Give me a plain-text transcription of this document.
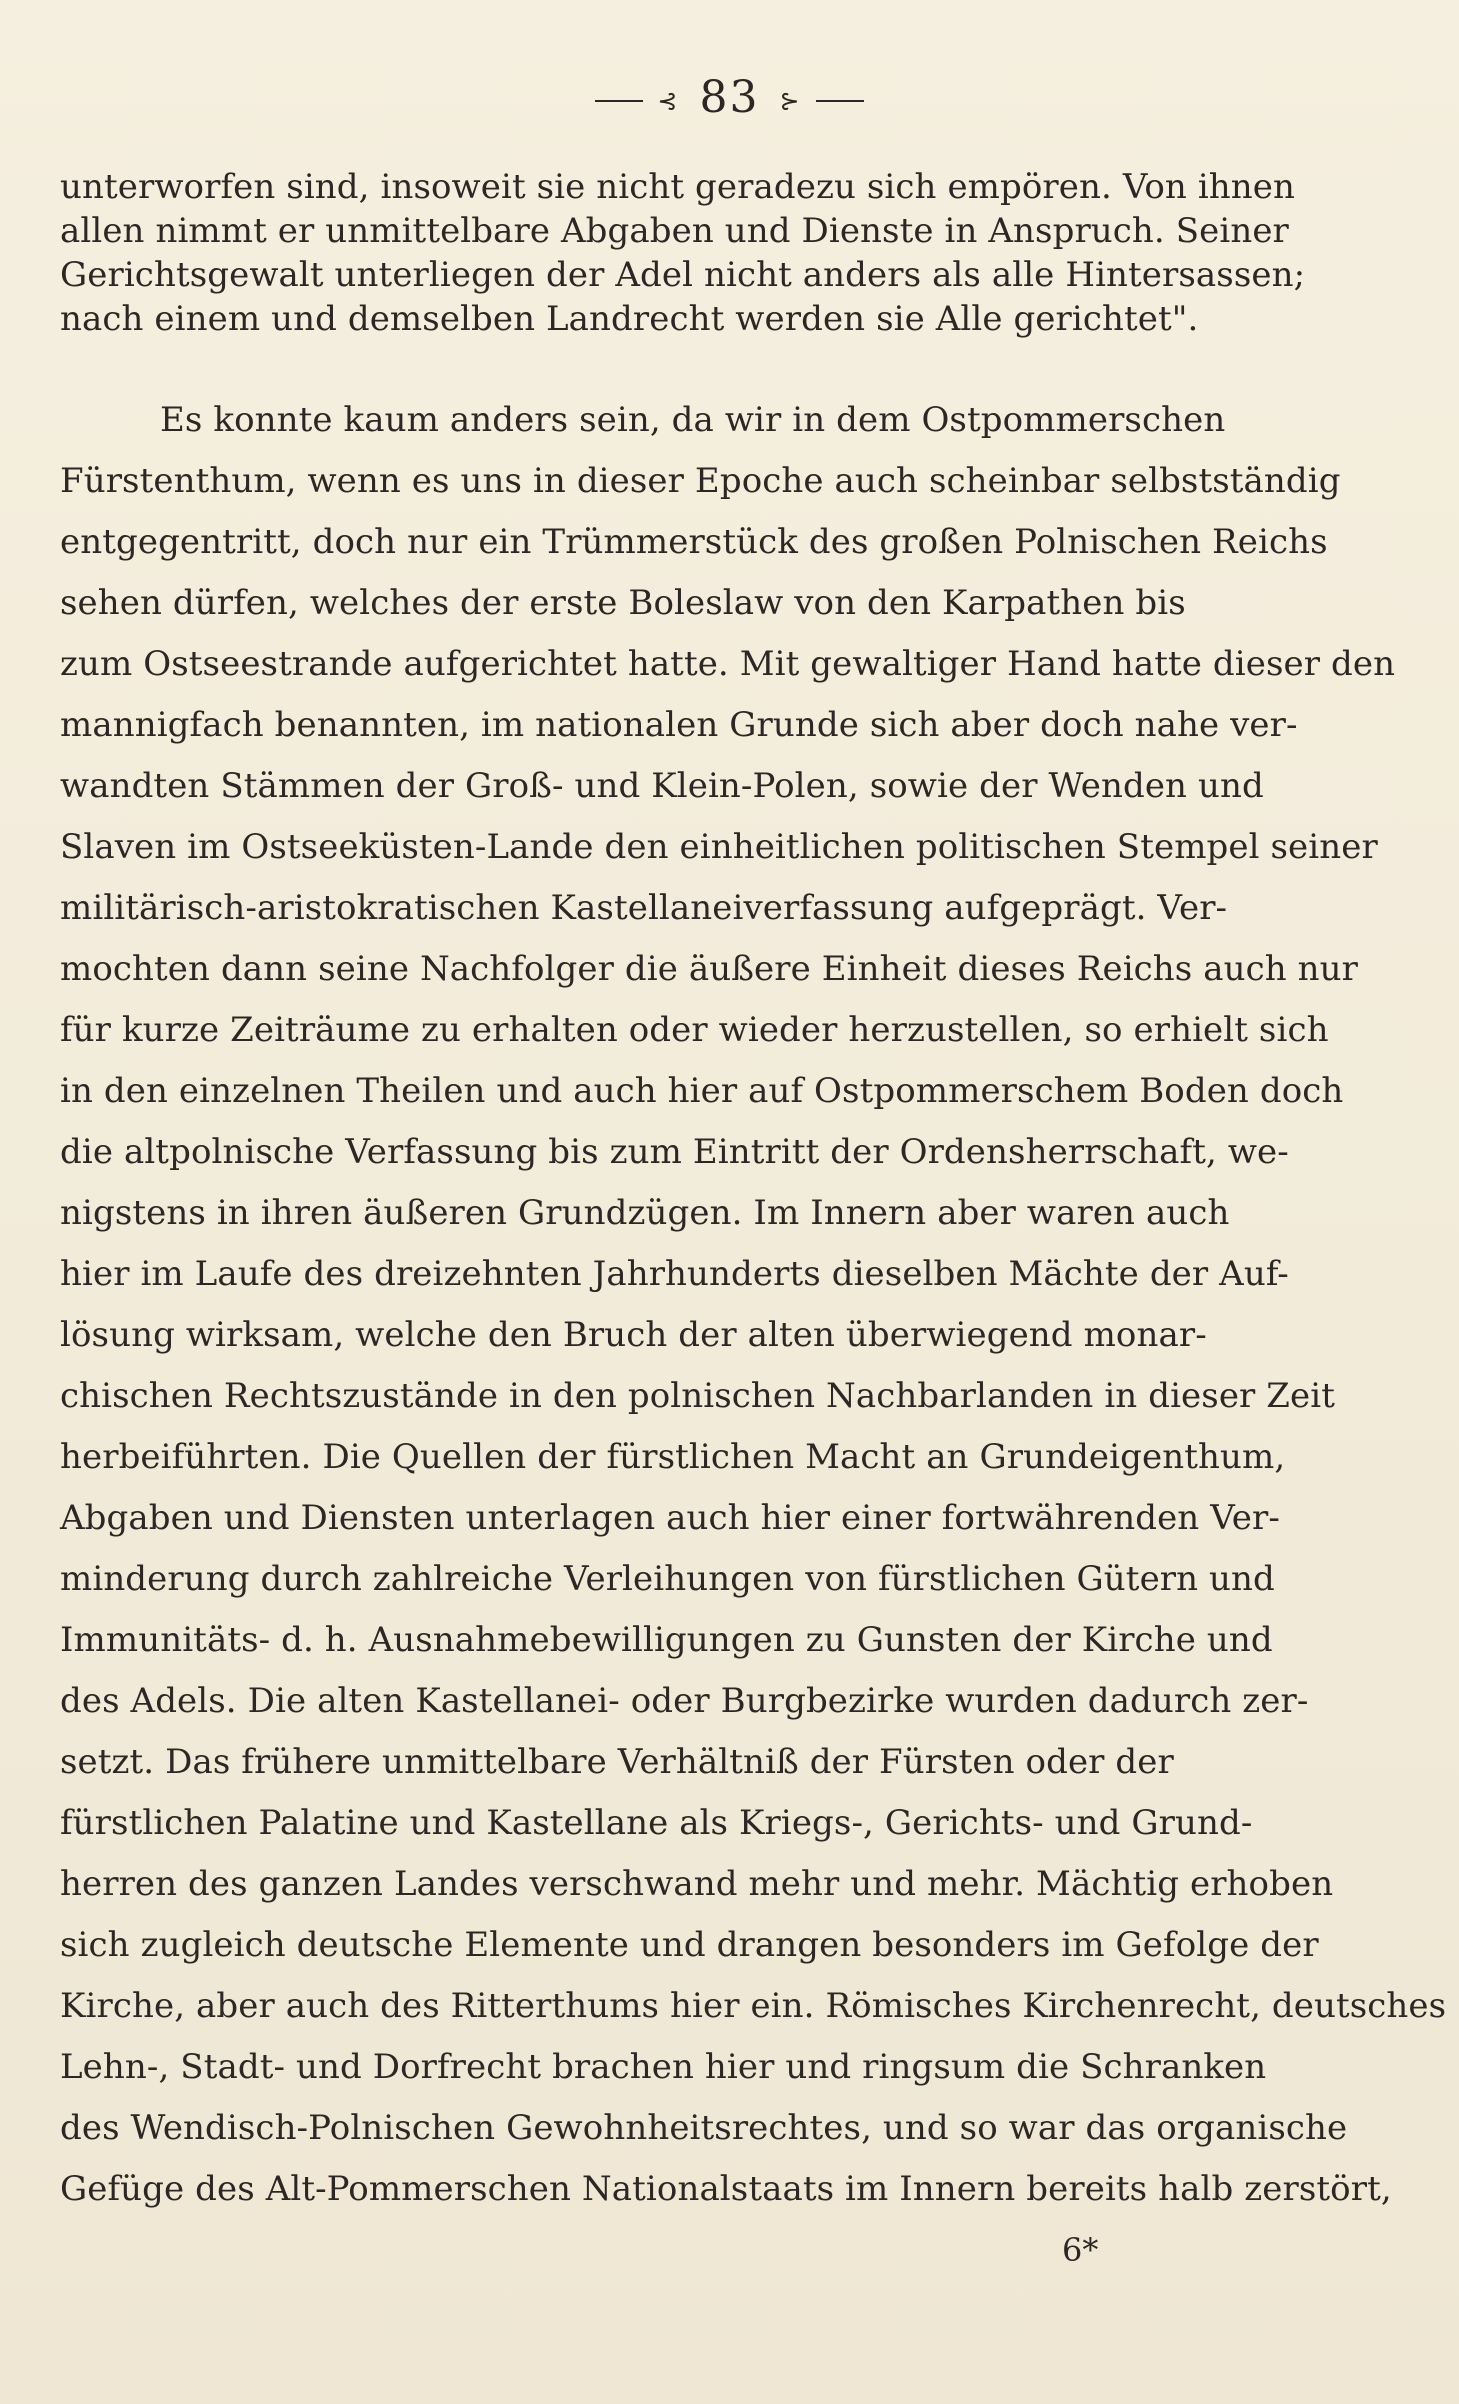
⊰ 83 ⊱
unterworfen sind, insoweit sie nicht geradezu sich empören. Von ihnen
allen nimmt er unmittelbare Abgaben und Dienste in Anspruch. Seiner
Gerichtsgewalt unterliegen der Adel nicht anders als alle Hintersassen;
nach einem und demselben Landrecht werden sie Alle gerichtet".
Es konnte kaum anders sein, da wir in dem Ostpommerschen
Fürstenthum, wenn es uns in dieser Epoche auch scheinbar selbstständig
entgegentritt, doch nur ein Trümmerstück des großen Polnischen Reichs
sehen dürfen, welches der erste Boleslaw von den Karpathen bis
zum Ostseestrande aufgerichtet hatte. Mit gewaltiger Hand hatte dieser den
mannigfach benannten, im nationalen Grunde sich aber doch nahe ver-
wandten Stämmen der Groß- und Klein-Polen, sowie der Wenden und
Slaven im Ostseeküsten-Lande den einheitlichen politischen Stempel seiner
militärisch-aristokratischen Kastellaneiverfassung aufgeprägt. Ver-
mochten dann seine Nachfolger die äußere Einheit dieses Reichs auch nur
für kurze Zeiträume zu erhalten oder wieder herzustellen, so erhielt sich
in den einzelnen Theilen und auch hier auf Ostpommerschem Boden doch
die altpolnische Verfassung bis zum Eintritt der Ordensherrschaft, we-
nigstens in ihren äußeren Grundzügen. Im Innern aber waren auch
hier im Laufe des dreizehnten Jahrhunderts dieselben Mächte der Auf-
lösung wirksam, welche den Bruch der alten überwiegend monar-
chischen Rechtszustände in den polnischen Nachbarlanden in dieser Zeit
herbeiführten. Die Quellen der fürstlichen Macht an Grundeigenthum,
Abgaben und Diensten unterlagen auch hier einer fortwährenden Ver-
minderung durch zahlreiche Verleihungen von fürstlichen Gütern und
Immunitäts- d. h. Ausnahmebewilligungen zu Gunsten der Kirche und
des Adels. Die alten Kastellanei- oder Burgbezirke wurden dadurch zer-
setzt. Das frühere unmittelbare Verhältniß der Fürsten oder der
fürstlichen Palatine und Kastellane als Kriegs-, Gerichts- und Grund-
herren des ganzen Landes verschwand mehr und mehr. Mächtig erhoben
sich zugleich deutsche Elemente und drangen besonders im Gefolge der
Kirche, aber auch des Ritterthums hier ein. Römisches Kirchenrecht, deutsches
Lehn-, Stadt- und Dorfrecht brachen hier und ringsum die Schranken
des Wendisch-Polnischen Gewohnheitsrechtes, und so war das organische
Gefüge des Alt-Pommerschen Nationalstaats im Innern bereits halb zerstört,
6*
